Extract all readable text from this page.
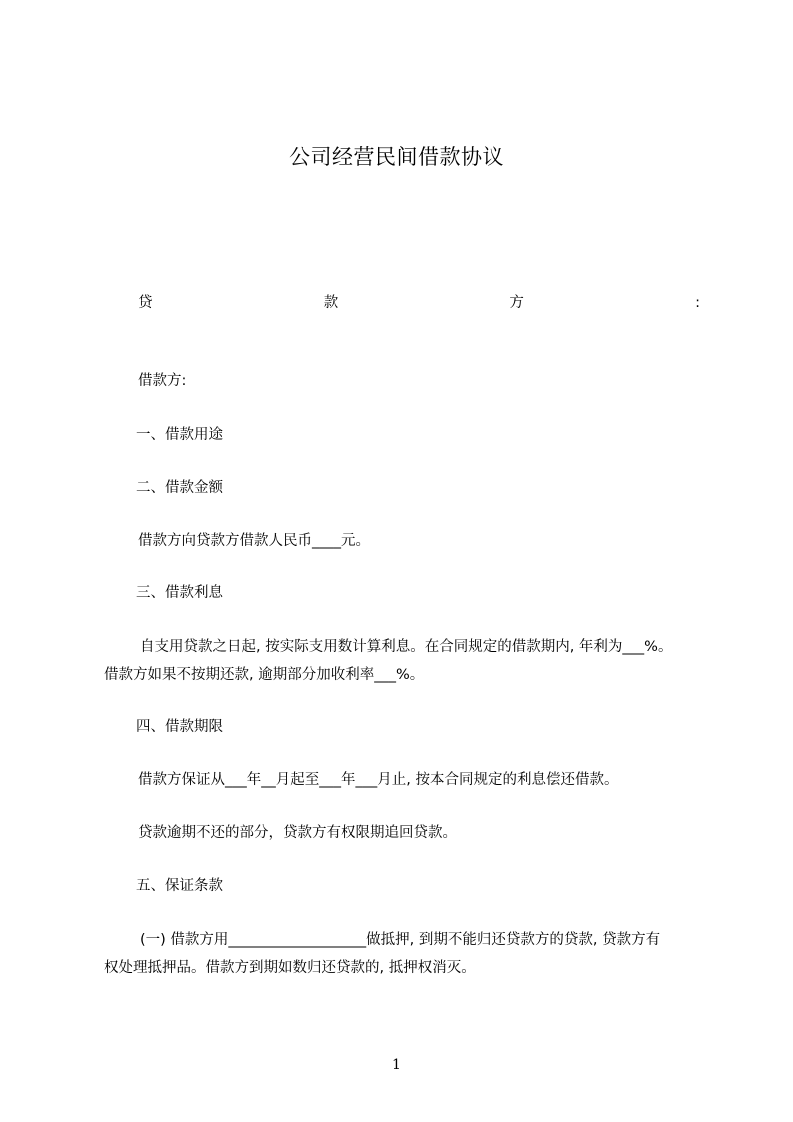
公司经营民间借款协议
贷	款	方	:
借款方:
一、借款用途
二、借款金额
借款方向贷款方借款人民币____元。
三、借款利息
自支用贷款之日起, 按实际支用数计算利息。在合同规定的借款期内, 年利为___%。
借款方如果不按期还款, 逾期部分加收利率___%。
四、借款期限
借款方保证从___年__月起至___年___月止, 按本合同规定的利息偿还借款。
贷款逾期不还的部分，贷款方有权限期追回贷款。
五、保证条款
(一) 借款方用___________________做抵押, 到期不能归还贷款方的贷款, 贷款方有
权处理抵押品。借款方到期如数归还贷款的, 抵押权消灭。
1
